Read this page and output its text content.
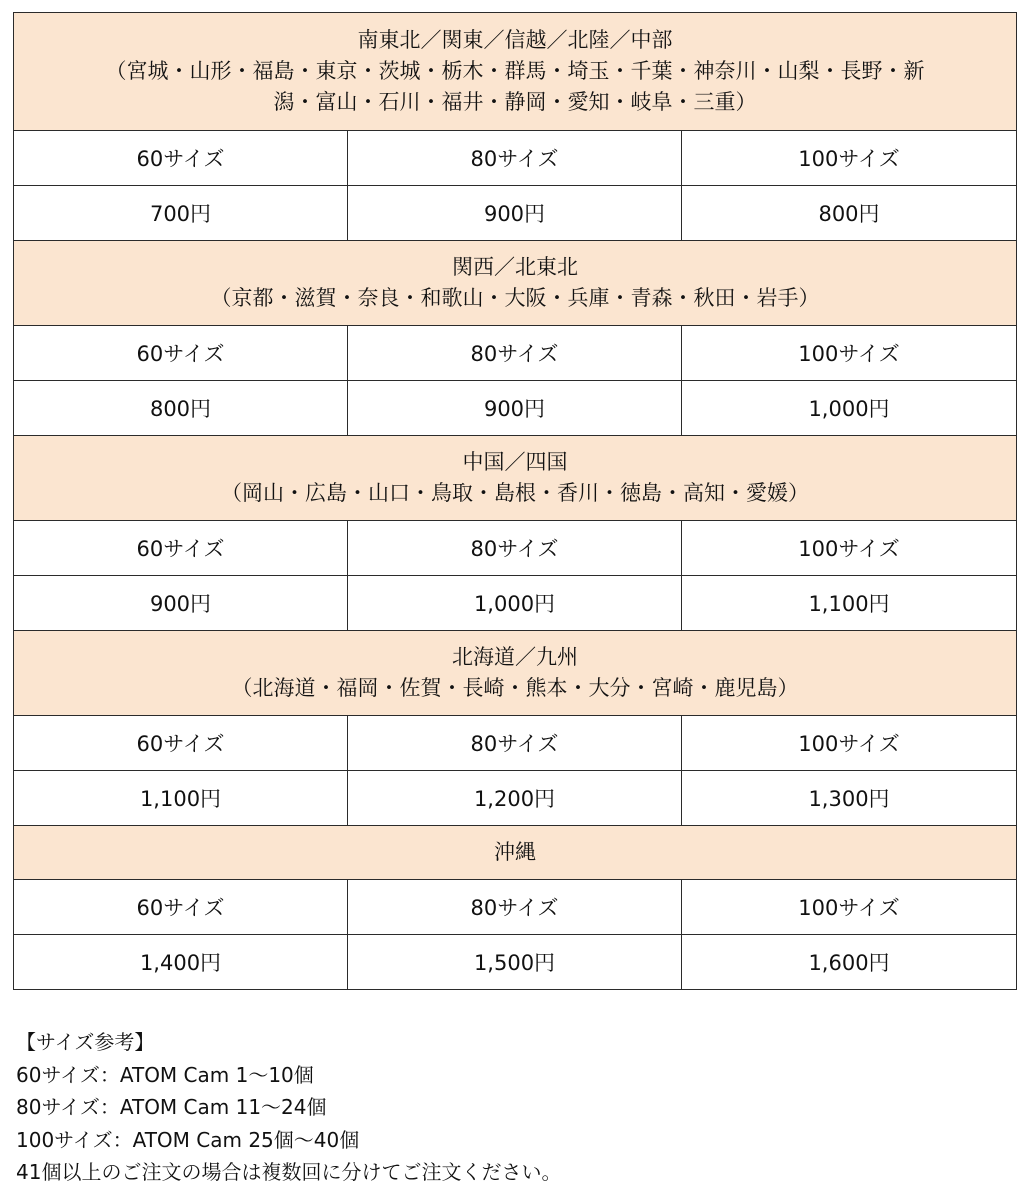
南東北／関東／信越／北陸／中部
（宮城・山形・福島・東京・茨城・栃木・群馬・埼玉・千葉・神奈川・山梨・長野・新
潟・富山・石川・福井・静岡・愛知・岐阜・三重）		

60サイズ	80サイズ	100サイズ
700円	900円	800円

関西／北東北
（京都・滋賀・奈良・和歌山・大阪・兵庫・青森・秋田・岩手）		

60サイズ	80サイズ	100サイズ
800円	900円	1,000円

中国／四国
（岡山・広島・山口・鳥取・島根・香川・徳島・高知・愛媛）		

60サイズ	80サイズ	100サイズ
900円	1,000円	1,100円

北海道／九州
（北海道・福岡・佐賀・長崎・熊本・大分・宮崎・鹿児島）		

60サイズ	80サイズ	100サイズ
1,100円	1,200円	1,300円

沖縄		

60サイズ	80サイズ	100サイズ
1,400円	1,500円	1,600円
【サイズ参考】
60サイズ：ATOM Cam 1～10個
80サイズ：ATOM Cam 11～24個
100サイズ：ATOM Cam 25個～40個
41個以上のご注文の場合は複数回に分けてご注文ください。
